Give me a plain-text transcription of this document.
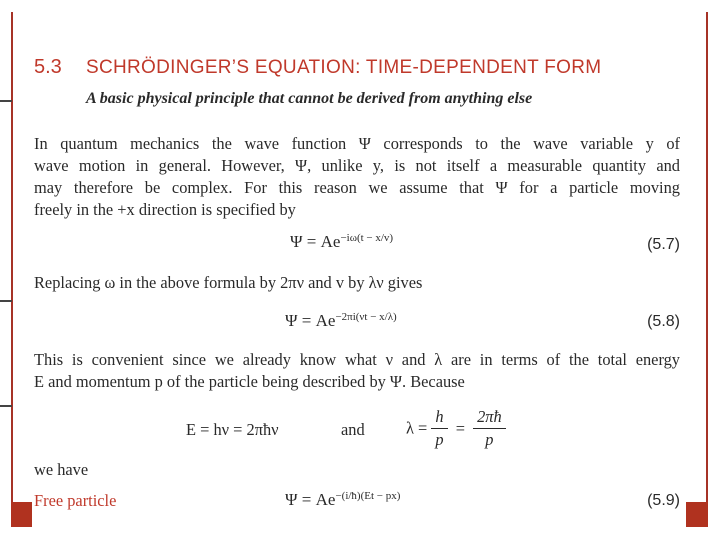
5.3 SCHRÖDINGER’S EQUATION: TIME-DEPENDENT FORM
A basic physical principle that cannot be derived from anything else
In quantum mechanics the wave function Ψ corresponds to the wave variable y of
wave motion in general. However, Ψ, unlike y, is not itself a measurable quantity and
may therefore be complex. For this reason we assume that Ψ for a particle moving
freely in the +x direction is specified by
$\Psi = Ae^{-i\omega(t - x/v)}$	(5.7)
Replacing ω in the above formula by 2πν and v by λν gives
$\Psi = Ae^{-2\pi i(\nu t - x/\lambda)}$	(5.8)
This is convenient since we already know what ν and λ are in terms of the total energy
E and momentum p of the particle being described by Ψ. Because
E = hν = 2πħν	and	$\lambda = \frac{h}{p} = \frac{2\pi ħ}{p}$
we have
Free particle	$\Psi = Ae^{-(i/ħ)(Et - px)}$	(5.9)
